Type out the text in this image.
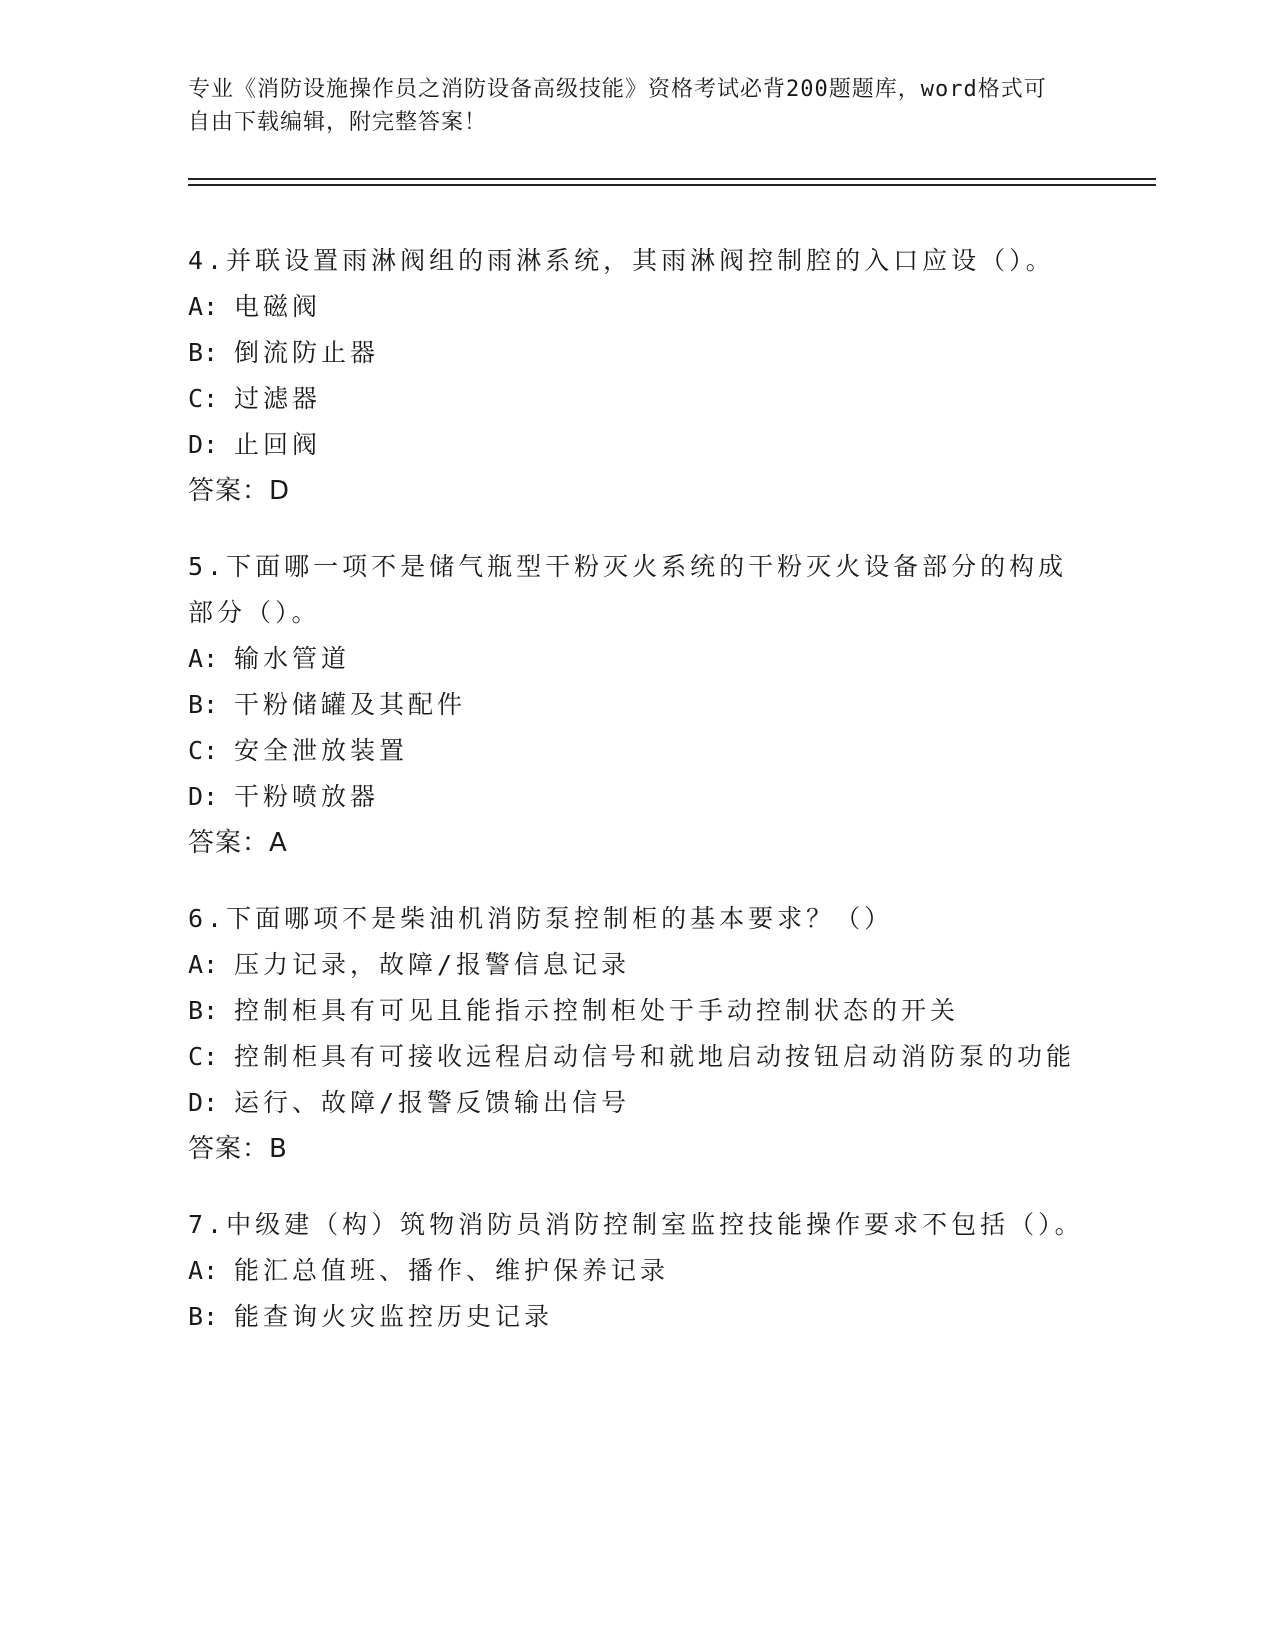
专业《消防设施操作员之消防设备高级技能》资格考试必背200题题库，word格式可自由下载编辑，附完整答案！
4.并联设置雨淋阀组的雨淋系统，其雨淋阀控制腔的入口应设（）。
A: 电磁阀
B: 倒流防止器
C: 过滤器
D: 止回阀
答案：D
5.下面哪一项不是储气瓶型干粉灭火系统的干粉灭火设备部分的构成部分（）。
A: 输水管道
B: 干粉储罐及其配件
C: 安全泄放装置
D: 干粉喷放器
答案：A
6.下面哪项不是柴油机消防泵控制柜的基本要求？（）
A: 压力记录，故障/报警信息记录
B: 控制柜具有可见且能指示控制柜处于手动控制状态的开关
C: 控制柜具有可接收远程启动信号和就地启动按钮启动消防泵的功能
D: 运行、故障/报警反馈输出信号
答案：B
7.中级建（构）筑物消防员消防控制室监控技能操作要求不包括（）。
A: 能汇总值班、播作、维护保养记录
B: 能查询火灾监控历史记录
